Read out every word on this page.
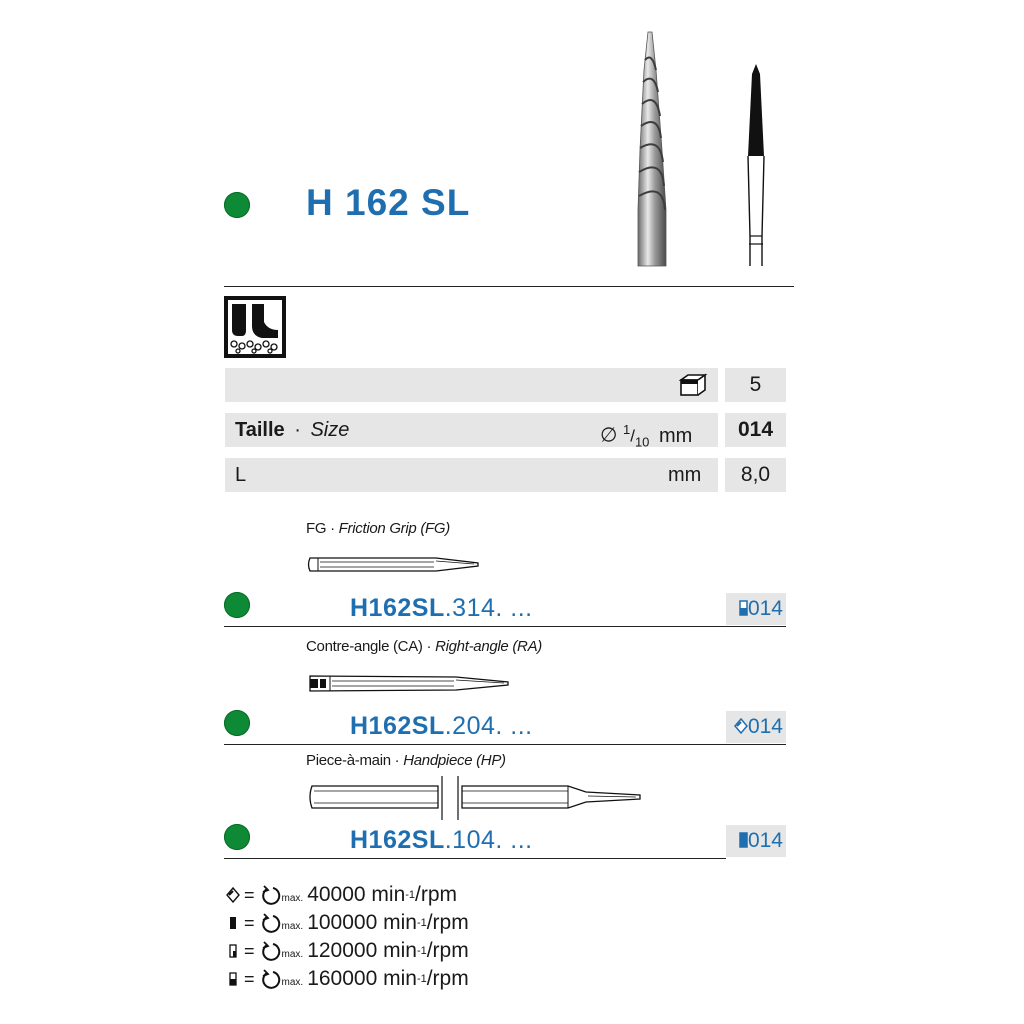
H 162 SL
5
Taille · Size	∅ $^1/_{10}$ mm	014
L	mm	8,0
FG · Friction Grip (FG)
H162SL.314. ...	014
Contre-angle (CA) · Right-angle (RA)
H162SL.204. ...	014
Piece-à-main · Handpiece (HP)
H162SL.104. ...	014
=	max. 40000 min -1 /rpm
=	max. 100000 min -1 /rpm
=	max. 120000 min -1 /rpm
=	max. 160000 min -1 /rpm
